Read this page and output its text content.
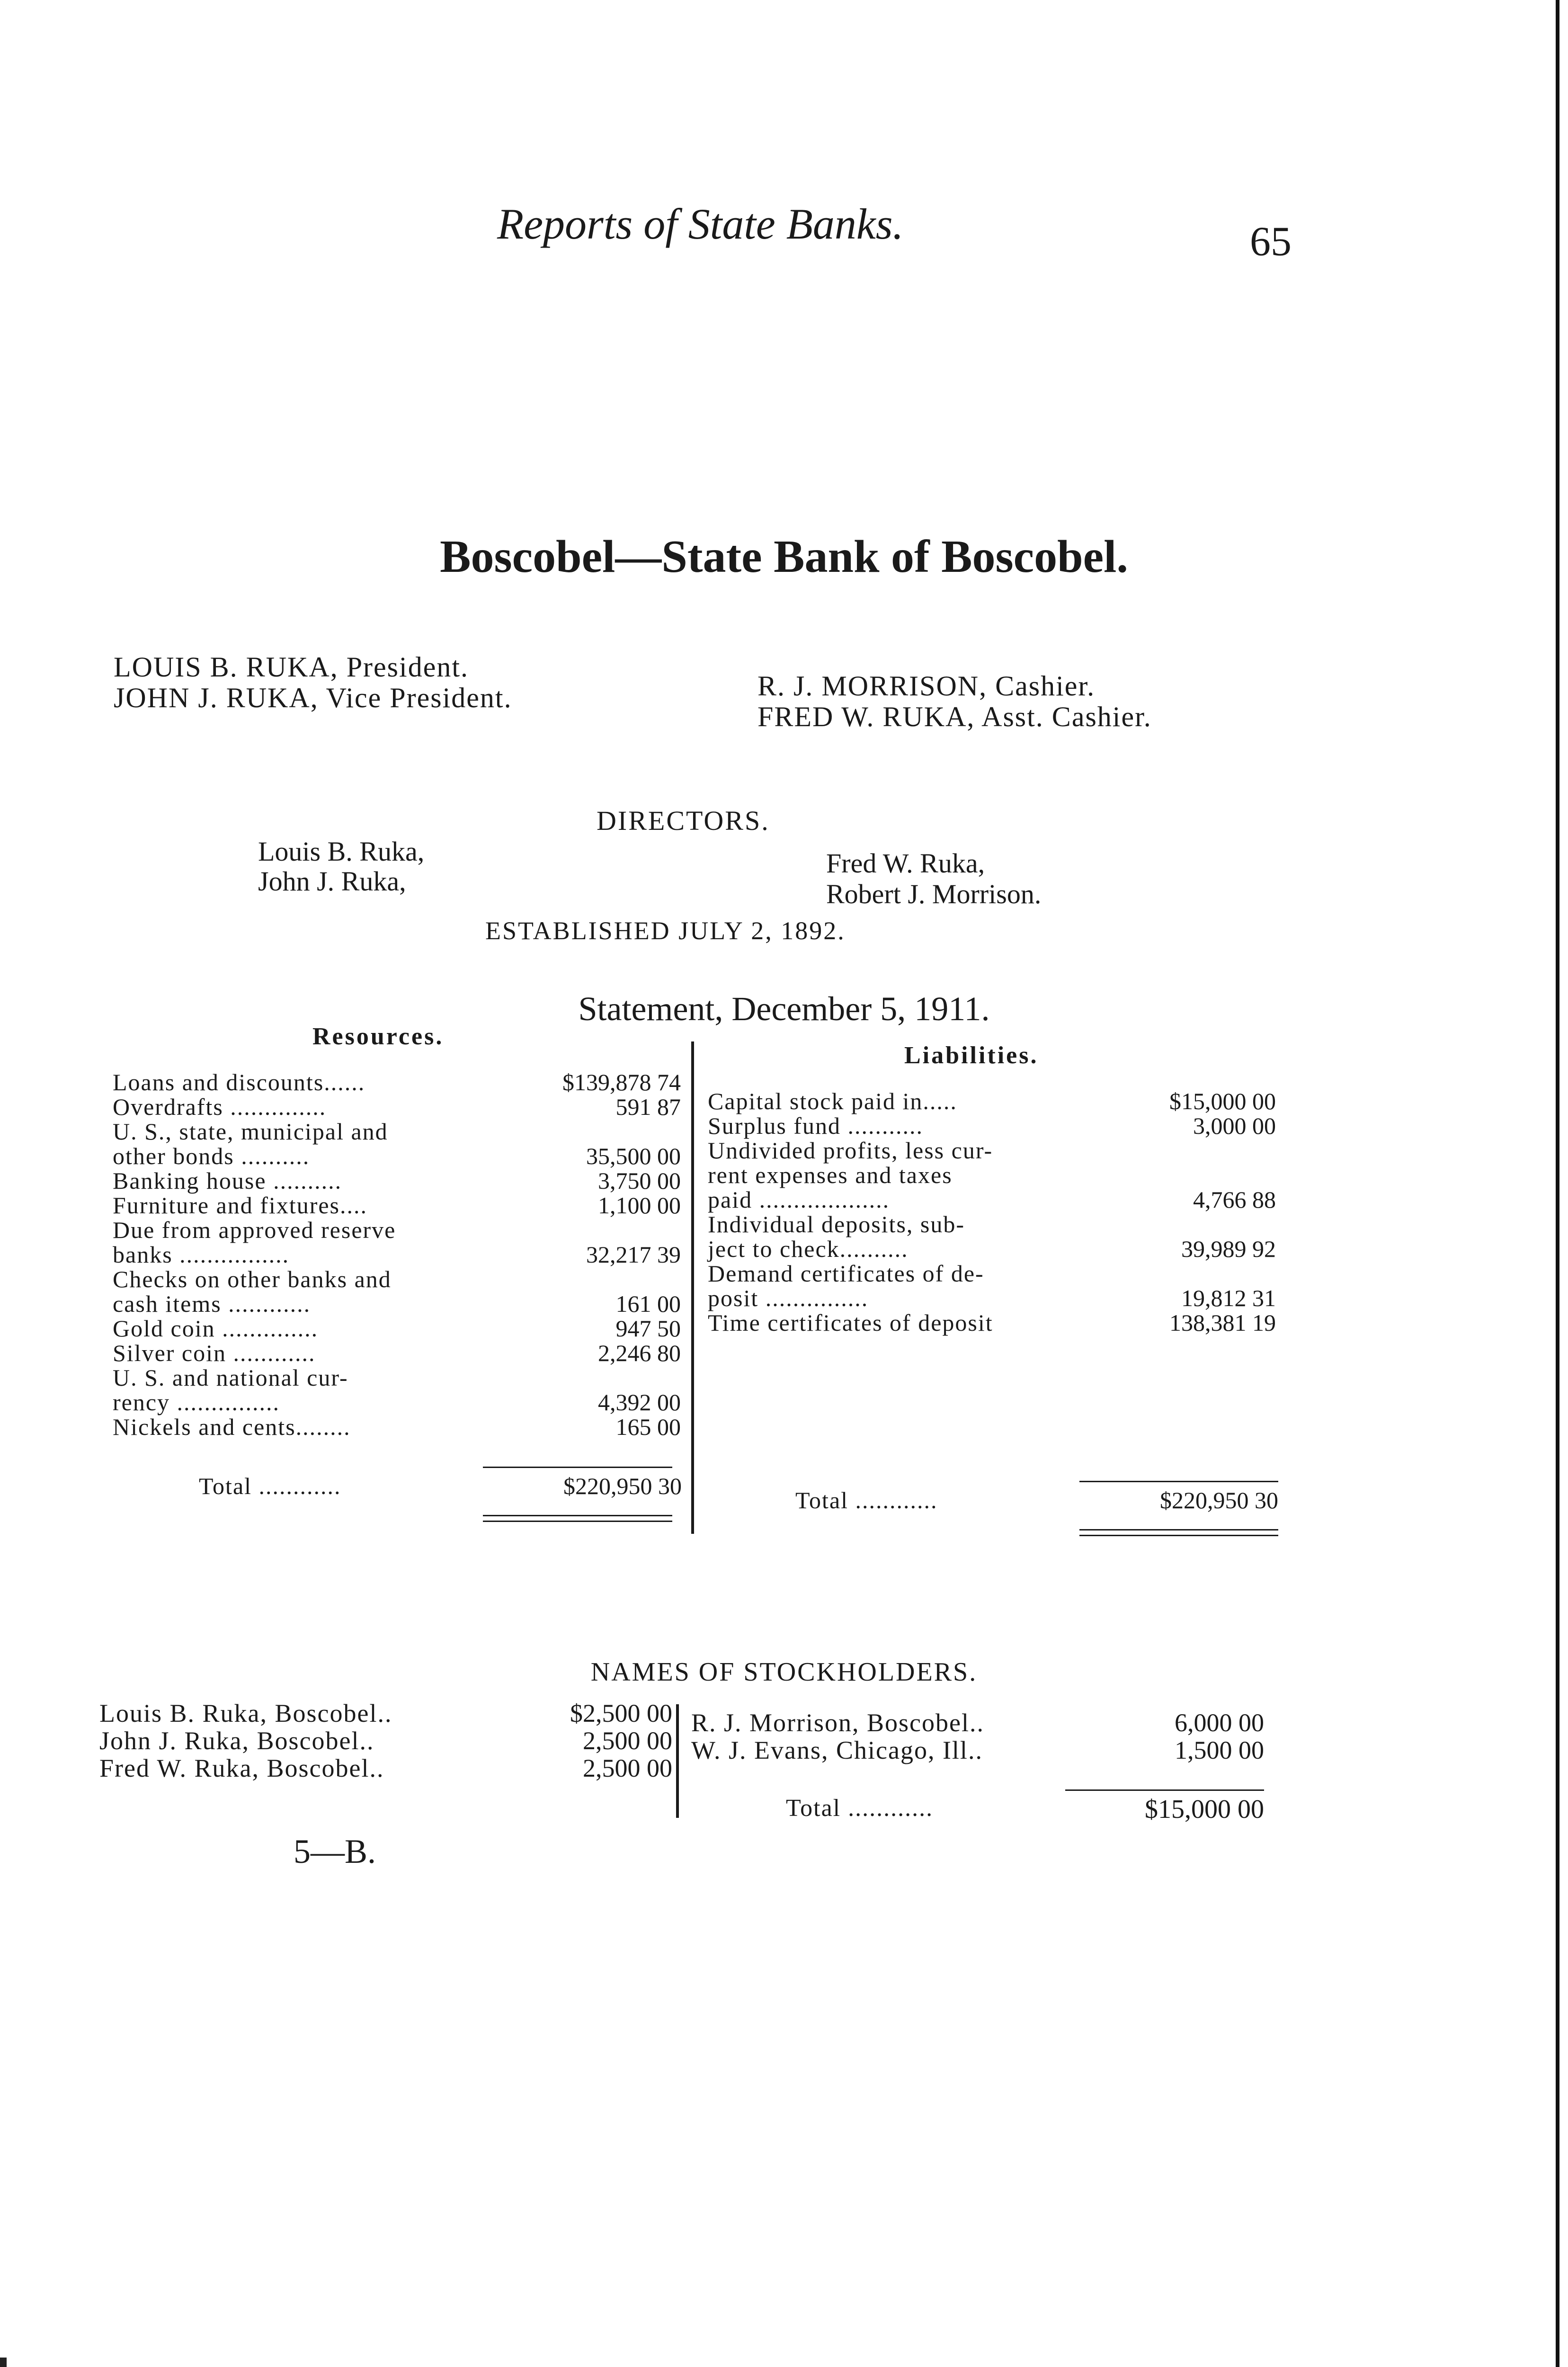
Reports of State Banks.	65
Boscobel—State Bank of Boscobel.
LOUIS B. RUKA, President.
JOHN J. RUKA, Vice President.	R. J. MORRISON, Cashier.
FRED W. RUKA, Asst. Cashier.
DIRECTORS.
Louis B. Ruka,
John J. Ruka,
Fred W. Ruka,
Robert J. Morrison.
ESTABLISHED JULY 2, 1892.
Statement, December 5, 1911.
Resources.
Liabilities.
Loans and discounts......	$139,878 74
Overdrafts ..............	591 87
U. S., state, municipal and
other bonds ..........	35,500 00
Banking house ..........	3,750 00
Furniture and fixtures....	1,100 00
Due from approved reserve
banks ................	32,217 39
Checks on other banks and
cash items ............	161 00
Gold coin ..............	947 50
Silver coin ............	2,246 80
U. S. and national cur-
rency ...............	4,392 00
Nickels and cents........	165 00
Capital stock paid in.....	$15,000 00
Surplus fund ...........	3,000 00
Undivided profits, less cur-
rent expenses and taxes
paid ...................	4,766 88
Individual deposits, sub-
ject to check..........	39,989 92
Demand certificates of de-
posit ...............	19,812 31
Time certificates of deposit	138,381 19
Total ............	$220,950 30
Total ............	$220,950 30
NAMES OF STOCKHOLDERS.
Louis B. Ruka, Boscobel..	$2,500 00
John J. Ruka, Boscobel..	2,500 00
Fred W. Ruka, Boscobel..	2,500 00
R. J. Morrison, Boscobel..	6,000 00
W. J. Evans, Chicago, Ill..	1,500 00
Total ............	$15,000 00
5—B.
